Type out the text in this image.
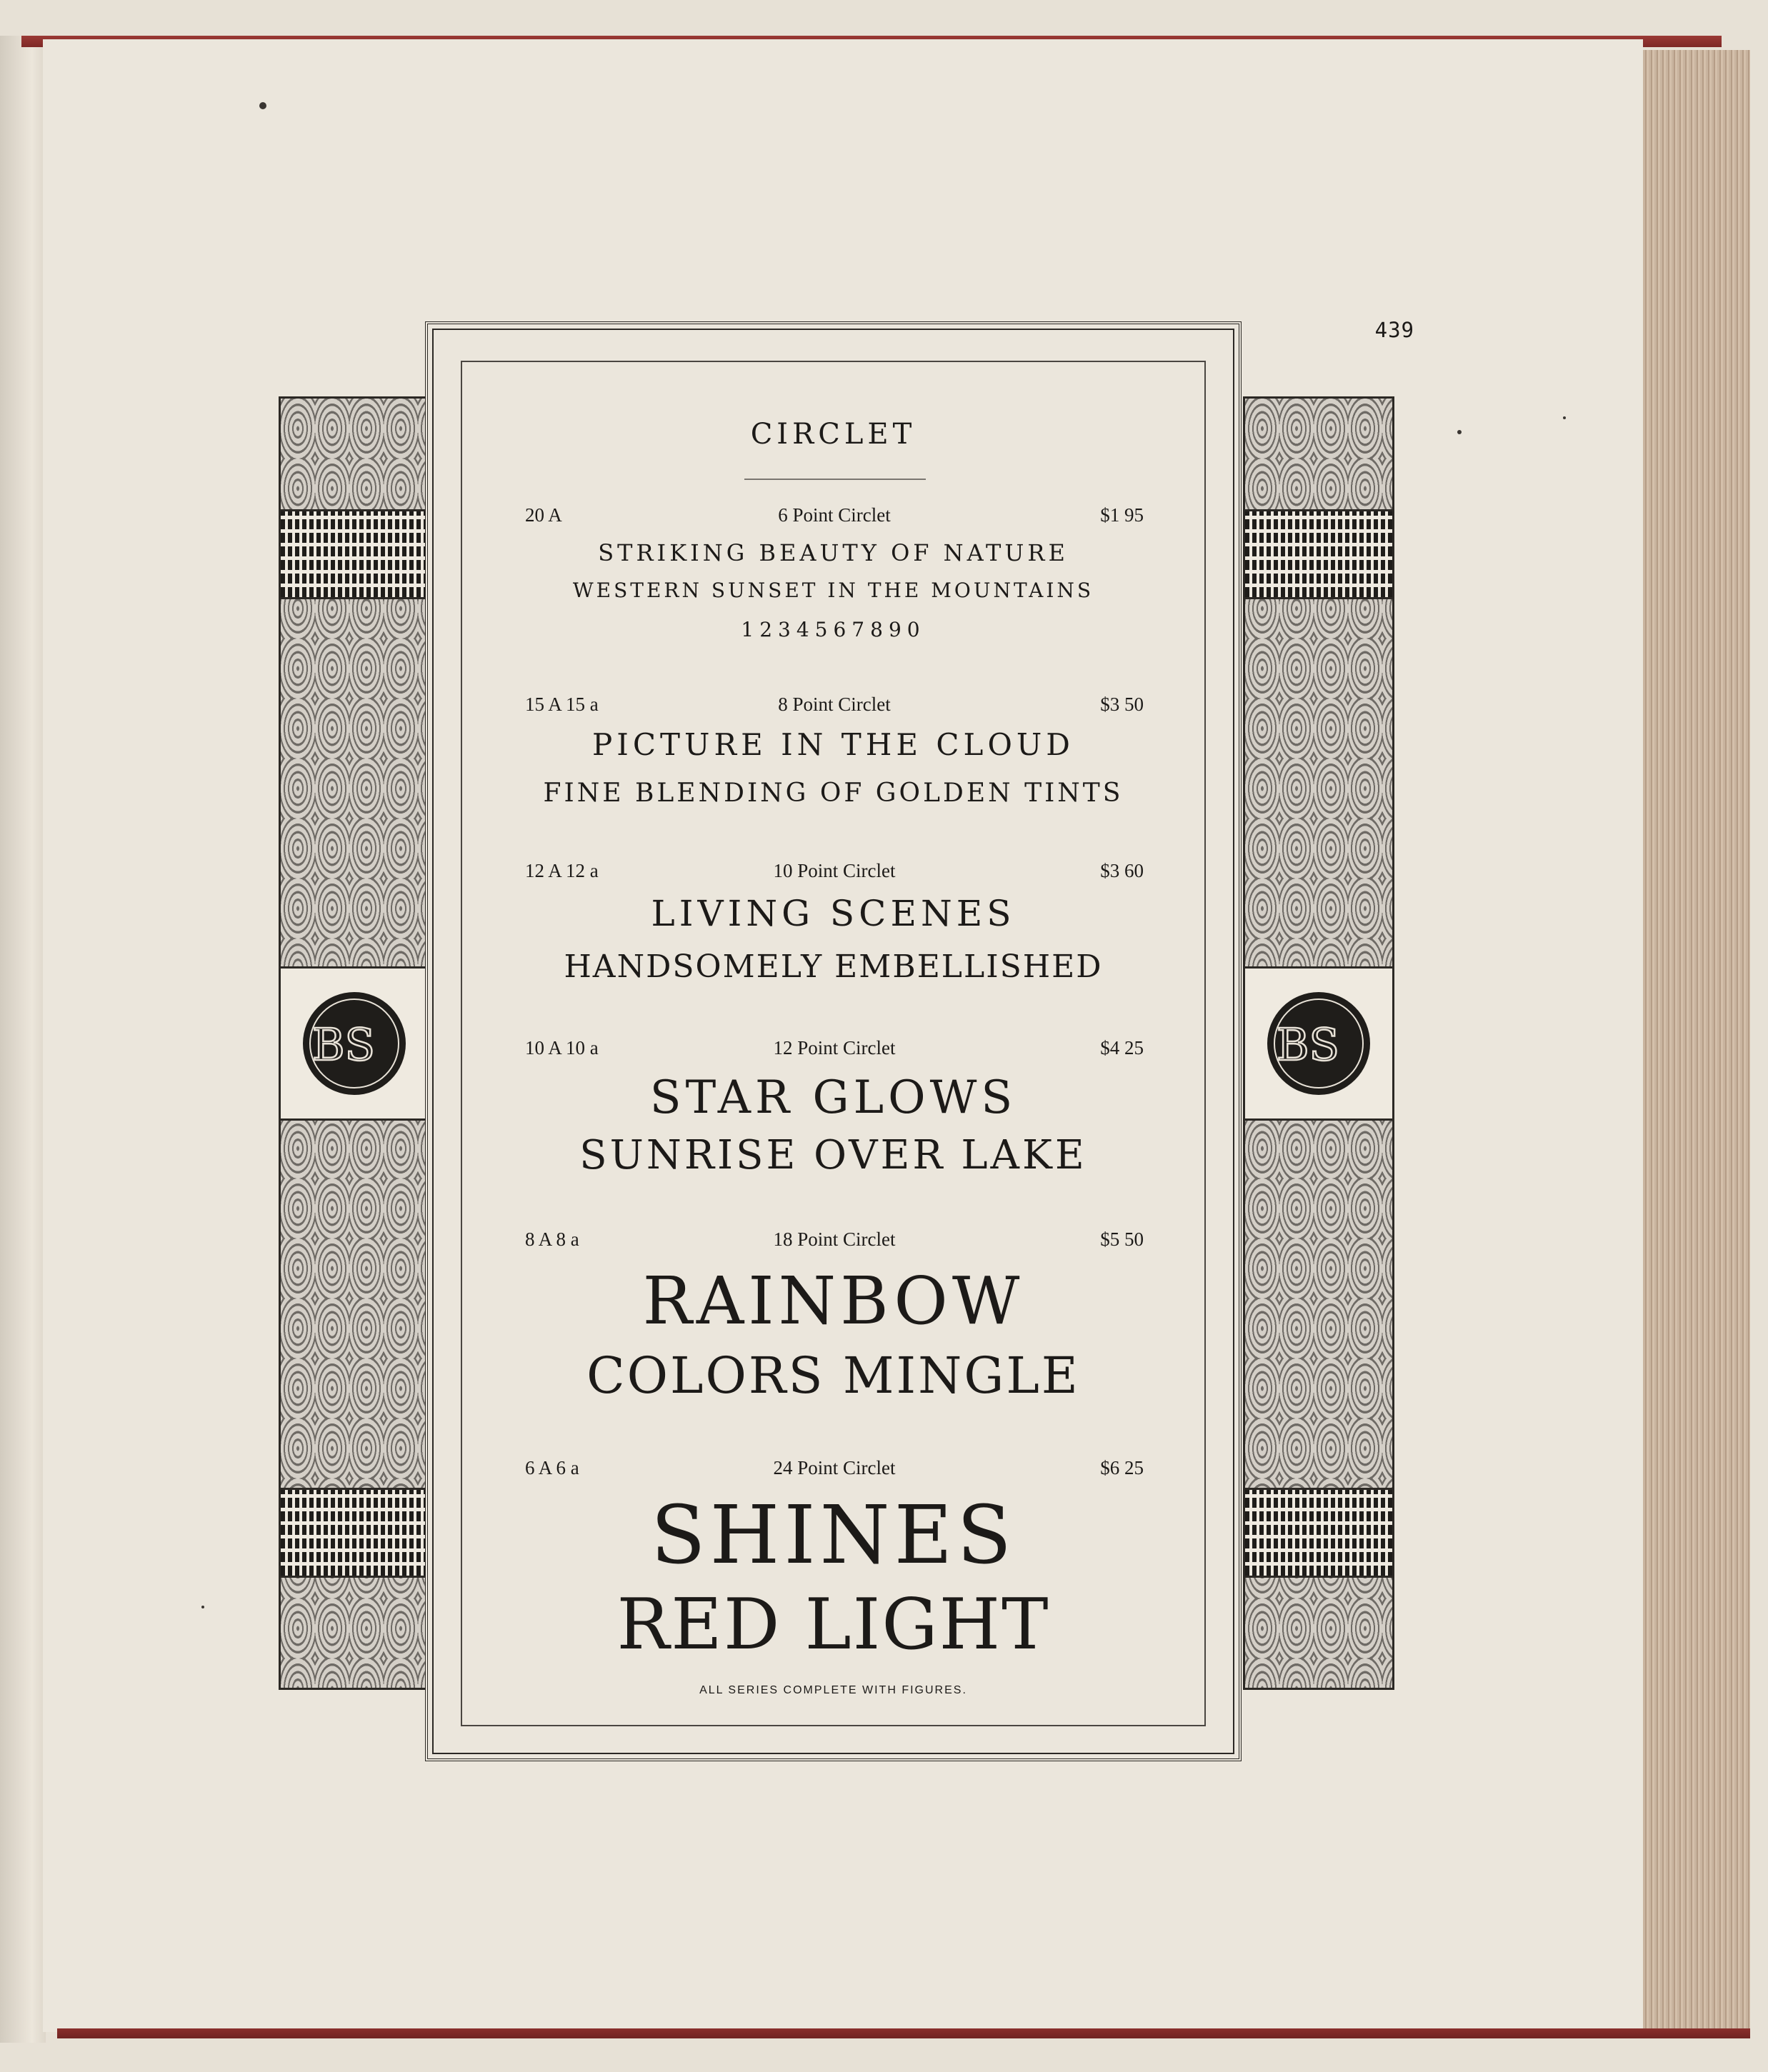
439
BS	BS
CIRCLET
20 A	6 Point Circlet	$1 95
STRIKING BEAUTY OF NATURE
WESTERN SUNSET IN THE MOUNTAINS
1234567890
15 A 15 a	8 Point Circlet	$3 50
PICTURE IN THE CLOUD
FINE BLENDING OF GOLDEN TINTS
12 A 12 a	10 Point Circlet	$3 60
LIVING SCENES
HANDSOMELY EMBELLISHED
10 A 10 a	12 Point Circlet	$4 25
STAR GLOWS
SUNRISE OVER LAKE
8 A 8 a	18 Point Circlet	$5 50
RAINBOW
COLORS MINGLE
6 A 6 a	24 Point Circlet	$6 25
SHINES
RED LIGHT
ALL SERIES COMPLETE WITH FIGURES.
